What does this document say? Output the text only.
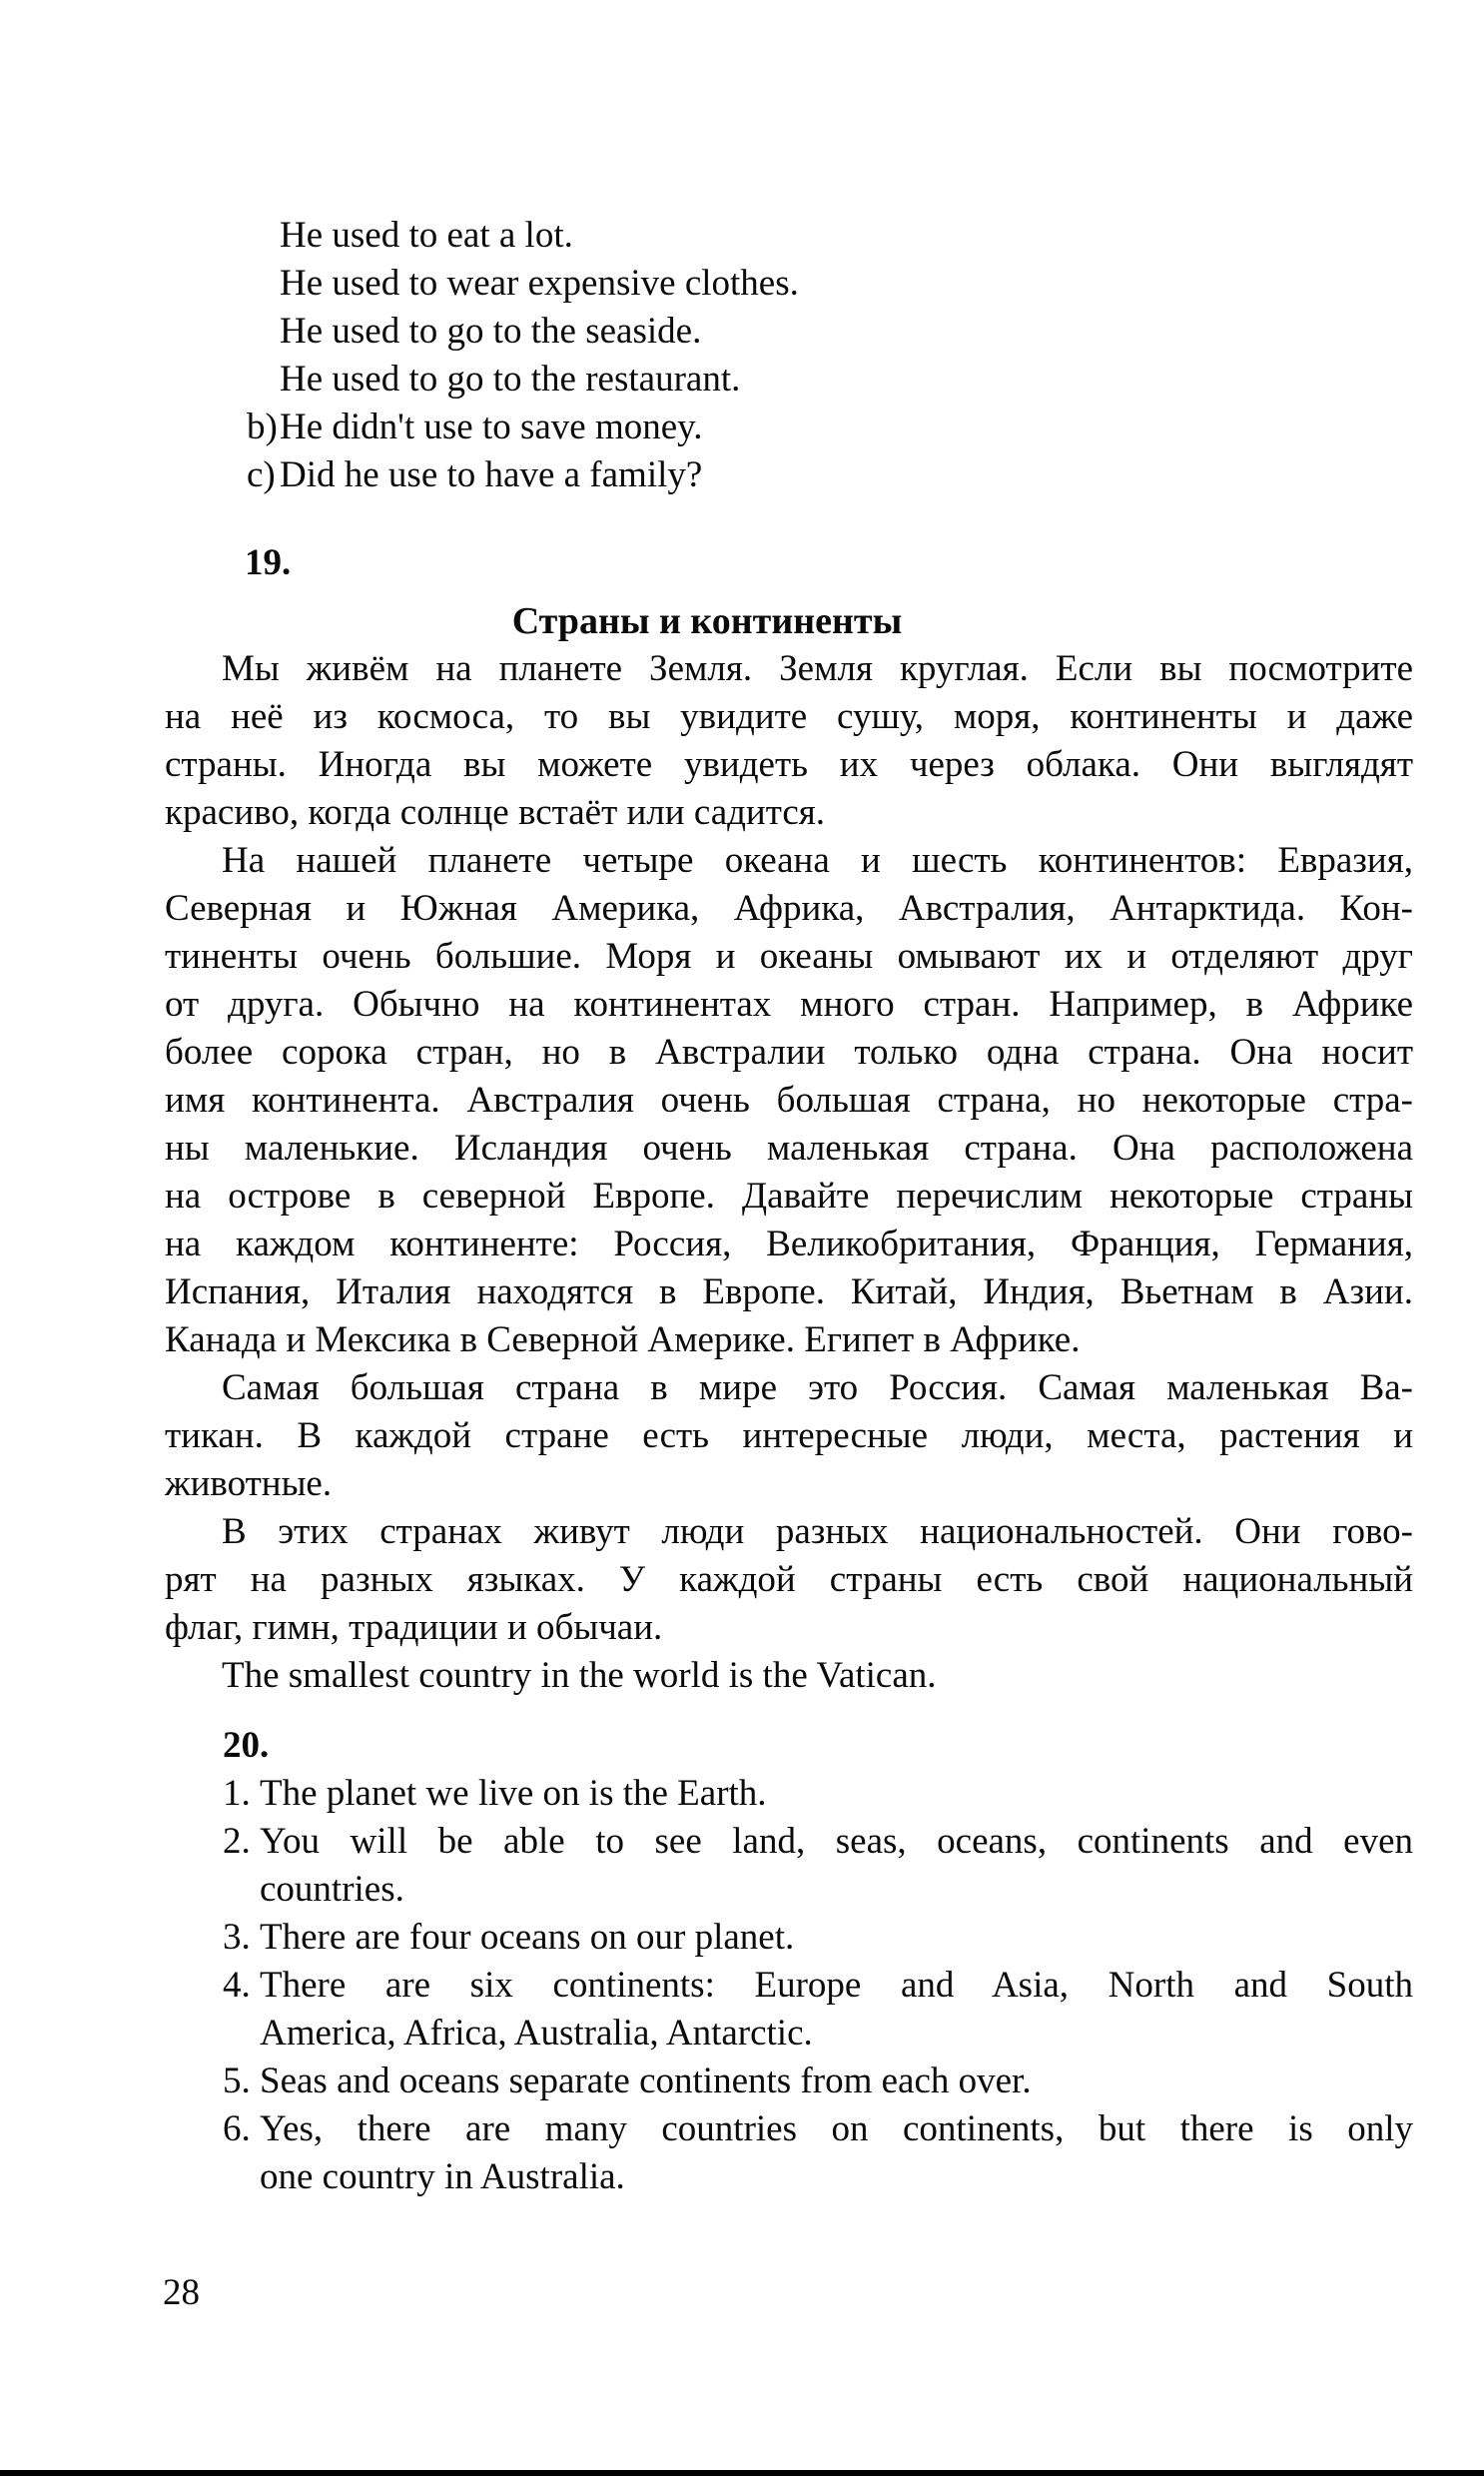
He used to eat a lot.
He used to wear expensive clothes.
He used to go to the seaside.
He used to go to the restaurant.
b) He didn't use to save money.
c) Did he use to have a family?
19.
Страны и континенты
Мы живём на планете Земля. Земля круглая. Если вы посмотрите
на неё из космоса, то вы увидите сушу, моря, континенты и даже
страны. Иногда вы можете увидеть их через облака. Они выглядят
красиво, когда солнце встаёт или садится.
На нашей планете четыре океана и шесть континентов: Евразия,
Северная и Южная Америка, Африка, Австралия, Антарктида. Кон-
тиненты очень большие. Моря и океаны омывают их и отделяют друг
от друга. Обычно на континентах много стран. Например, в Африке
более сорока стран, но в Австралии только одна страна. Она носит
имя континента. Австралия очень большая страна, но некоторые стра-
ны маленькие. Исландия очень маленькая страна. Она расположена
на острове в северной Европе. Давайте перечислим некоторые страны
на каждом континенте: Россия, Великобритания, Франция, Германия,
Испания, Италия находятся в Европе. Китай, Индия, Вьетнам в Азии.
Канада и Мексика в Северной Америке. Египет в Африке.
Самая большая страна в мире это Россия. Самая маленькая Ва-
тикан. В каждой стране есть интересные люди, места, растения и
животные.
В этих странах живут люди разных национальностей. Они гово-
рят на разных языках. У каждой страны есть свой национальный
флаг, гимн, традиции и обычаи.
The smallest country in the world is the Vatican.
20.
1. The planet we live on is the Earth.
2. You will be able to see land, seas, oceans, continents and even
countries.
3. There are four oceans on our planet.
4. There are six continents: Europe and Asia, North and South
America, Africa, Australia, Antarctic.
5. Seas and oceans separate continents from each over.
6. Yes, there are many countries on continents, but there is only
one country in Australia.
28
